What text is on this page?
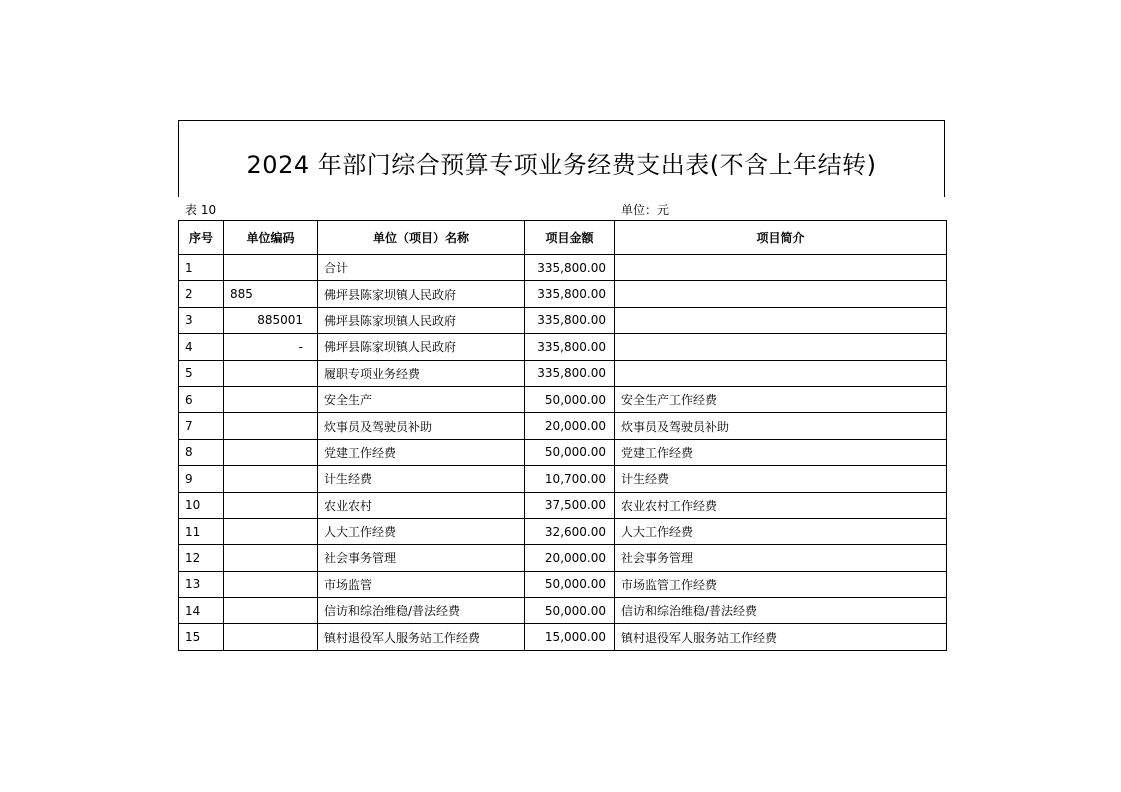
2024 年部门综合预算专项业务经费支出表(不含上年结转)
表 10	单位：元
序号	单位编码	单位（项目）名称	项目金额	项目简介
1		合计	335,800.00	
2	885	佛坪县陈家坝镇人民政府	335,800.00	
3	885001	佛坪县陈家坝镇人民政府	335,800.00	
4	-	佛坪县陈家坝镇人民政府	335,800.00	
5		履职专项业务经费	335,800.00	
6		安全生产	50,000.00	安全生产工作经费
7		炊事员及驾驶员补助	20,000.00	炊事员及驾驶员补助
8		党建工作经费	50,000.00	党建工作经费
9		计生经费	10,700.00	计生经费
10		农业农村	37,500.00	农业农村工作经费
11		人大工作经费	32,600.00	人大工作经费
12		社会事务管理	20,000.00	社会事务管理
13		市场监管	50,000.00	市场监管工作经费
14		信访和综治维稳/普法经费	50,000.00	信访和综治维稳/普法经费
15		镇村退役军人服务站工作经费	15,000.00	镇村退役军人服务站工作经费
